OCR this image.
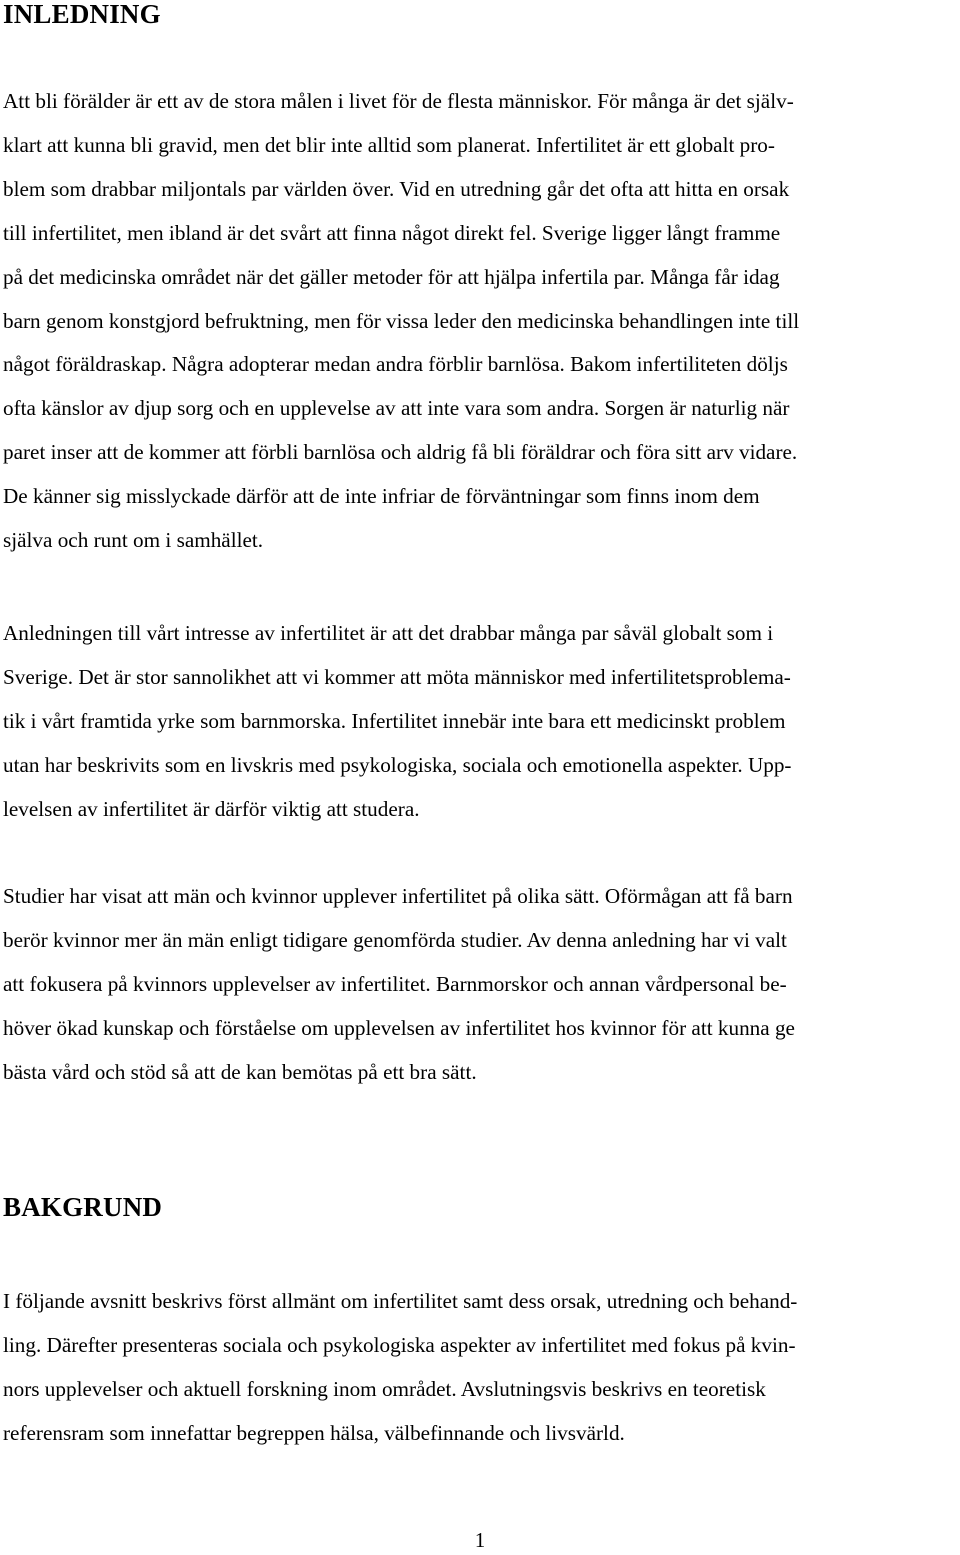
INLEDNING

Att bli förälder är ett av de stora målen i livet för de flesta människor. För många är det själv-
klart att kunna bli gravid, men det blir inte alltid som planerat. Infertilitet är ett globalt pro-
blem som drabbar miljontals par världen över. Vid en utredning går det ofta att hitta en orsak
till infertilitet, men ibland är det svårt att finna något direkt fel. Sverige ligger långt framme
på det medicinska området när det gäller metoder för att hjälpa infertila par. Många får idag
barn genom konstgjord befruktning, men för vissa leder den medicinska behandlingen inte till
något föräldraskap. Några adopterar medan andra förblir barnlösa. Bakom infertiliteten döljs
ofta känslor av djup sorg och en upplevelse av att inte vara som andra. Sorgen är naturlig när
paret inser att de kommer att förbli barnlösa och aldrig få bli föräldrar och föra sitt arv vidare.
De känner sig misslyckade därför att de inte infriar de förväntningar som finns inom dem
själva och runt om i samhället.

Anledningen till vårt intresse av infertilitet är att det drabbar många par såväl globalt som i
Sverige. Det är stor sannolikhet att vi kommer att möta människor med infertilitetsproblema-
tik i vårt framtida yrke som barnmorska. Infertilitet innebär inte bara ett medicinskt problem
utan har beskrivits som en livskris med psykologiska, sociala och emotionella aspekter. Upp-
levelsen av infertilitet är därför viktig att studera.

Studier har visat att män och kvinnor upplever infertilitet på olika sätt. Oförmågan att få barn
berör kvinnor mer än män enligt tidigare genomförda studier. Av denna anledning har vi valt
att fokusera på kvinnors upplevelser av infertilitet. Barnmorskor och annan vårdpersonal be-
höver ökad kunskap och förståelse om upplevelsen av infertilitet hos kvinnor för att kunna ge
bästa vård och stöd så att de kan bemötas på ett bra sätt.

BAKGRUND

I följande avsnitt beskrivs först allmänt om infertilitet samt dess orsak, utredning och behand-
ling. Därefter presenteras sociala och psykologiska aspekter av infertilitet med fokus på kvin-
nors upplevelser och aktuell forskning inom området. Avslutningsvis beskrivs en teoretisk
referensram som innefattar begreppen hälsa, välbefinnande och livsvärld.

1
